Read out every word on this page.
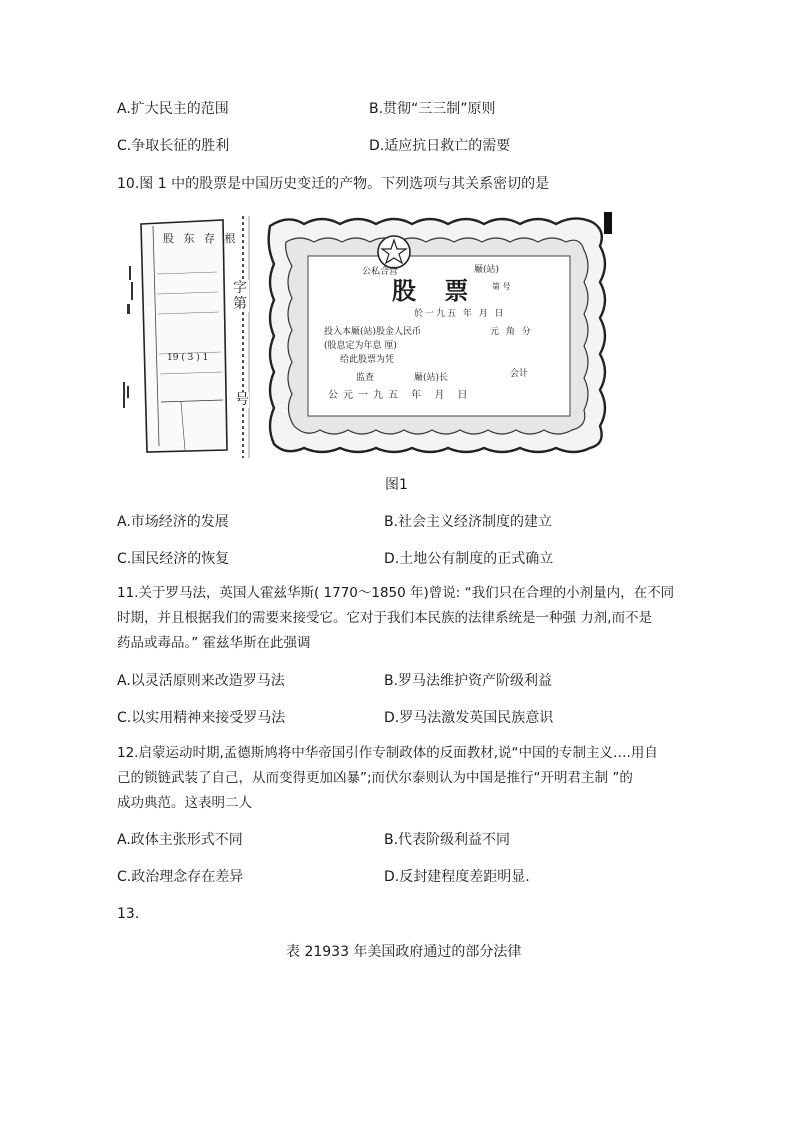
A.扩大民主的范围	B.贯彻“三三制”原则
C.争取长征的胜利	D.适应抗日救亡的需要
10.图 1 中的股票是中国历史变迁的产物。下列选项与其关系密切的是
股 东 存 根
19 ( 3 ) 1
字第
号
公私合营	厰(站)
股 票 第 号
於一九五 年 月 日
投入本厰(站)股金人民币	元 角 分
(股息定为年息 厘)
给此股票为凭
监查	厰(站)长	会计
公元一九五 年 月 日
图1
A.市场经济的发展	B.社会主义经济制度的建立
C.国民经济的恢复	D.土地公有制度的正式确立
11.关于罗马法，英国人霍兹华斯( 1770～1850 年)曾说: “我们只在合理的小剂量内，在不同
时期，并且根据我们的需要来接受它。它对于我们本民族的法律系统是一种强 力剂,而不是
药品或毒品。” 霍兹华斯在此强调
A.以灵活原则来改造罗马法	B.罗马法维护资产阶级利益
C.以实用精神来接受罗马法	D.罗马法激发英国民族意识
12.启蒙运动时期,孟德斯鸠将中华帝国引作专制政体的反面教材,说“中国的专制主义….用自
己的锁链武装了自己，从而变得更加凶暴”;而伏尔泰则认为中国是推行“开明君主制 ”的
成功典范。这表明二人
A.政体主张形式不同	B.代表阶级利益不同
C.政治理念存在差异	D.反封建程度差距明显.
13.
表 21933 年美国政府通过的部分法律
